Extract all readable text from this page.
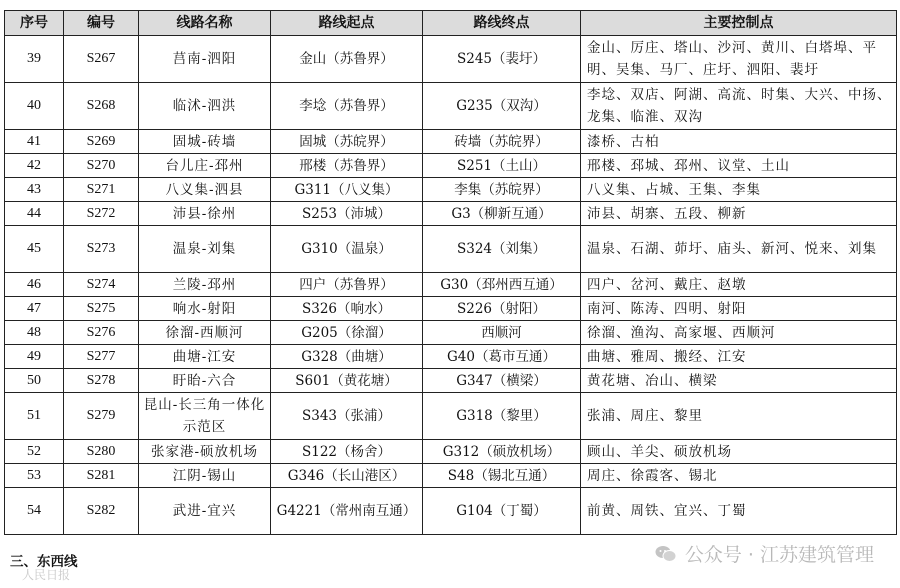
序号	编号	线路名称	路线起点	路线终点	主要控制点
39	S267	莒南-泗阳	金山（苏鲁界）	S245（裴圩）	金山、厉庄、塔山、沙河、黄川、白塔埠、平明、吴集、马厂、庄圩、泗阳、裴圩
40	S268	临沭-泗洪	李埝（苏鲁界）	G235（双沟）	李埝、双店、阿湖、高流、时集、大兴、中扬、龙集、临淮、双沟
41	S269	固城-砖墙	固城（苏皖界）	砖墙（苏皖界）	漆桥、古柏
42	S270	台儿庄-邳州	邢楼（苏鲁界）	S251（土山）	邢楼、邳城、邳州、议堂、土山
43	S271	八义集-泗县	G311（八义集）	李集（苏皖界）	八义集、占城、王集、李集
44	S272	沛县-徐州	S253（沛城）	G3（柳新互通）	沛县、胡寨、五段、柳新
45	S273	温泉-刘集	G310（温泉）	S324（刘集）	温泉、石湖、茆圩、庙头、新河、悦来、刘集
46	S274	兰陵-邳州	四户（苏鲁界）	G30（邳州西互通）	四户、岔河、戴庄、赵墩
47	S275	响水-射阳	S326（响水）	S226（射阳）	南河、陈涛、四明、射阳
48	S276	徐溜-西顺河	G205（徐溜）	西顺河	徐溜、渔沟、高家堰、西顺河
49	S277	曲塘-江安	G328（曲塘）	G40（葛市互通）	曲塘、雅周、搬经、江安
50	S278	盱眙-六合	S601（黄花塘）	G347（横梁）	黄花塘、冶山、横梁
51	S279	昆山-长三角一体化示范区	S343（张浦）	G318（黎里）	张浦、周庄、黎里
52	S280	张家港-硕放机场	S122（杨舍）	G312（硕放机场）	顾山、羊尖、硕放机场
53	S281	江阴-锡山	G346（长山港区）	S48（锡北互通）	周庄、徐霞客、锡北
54	S282	武进-宜兴	G4221（常州南互通）	G104（丁蜀）	前黄、周铁、宜兴、丁蜀
三、东西线	公众号 · 江苏建筑管理
人民日报
